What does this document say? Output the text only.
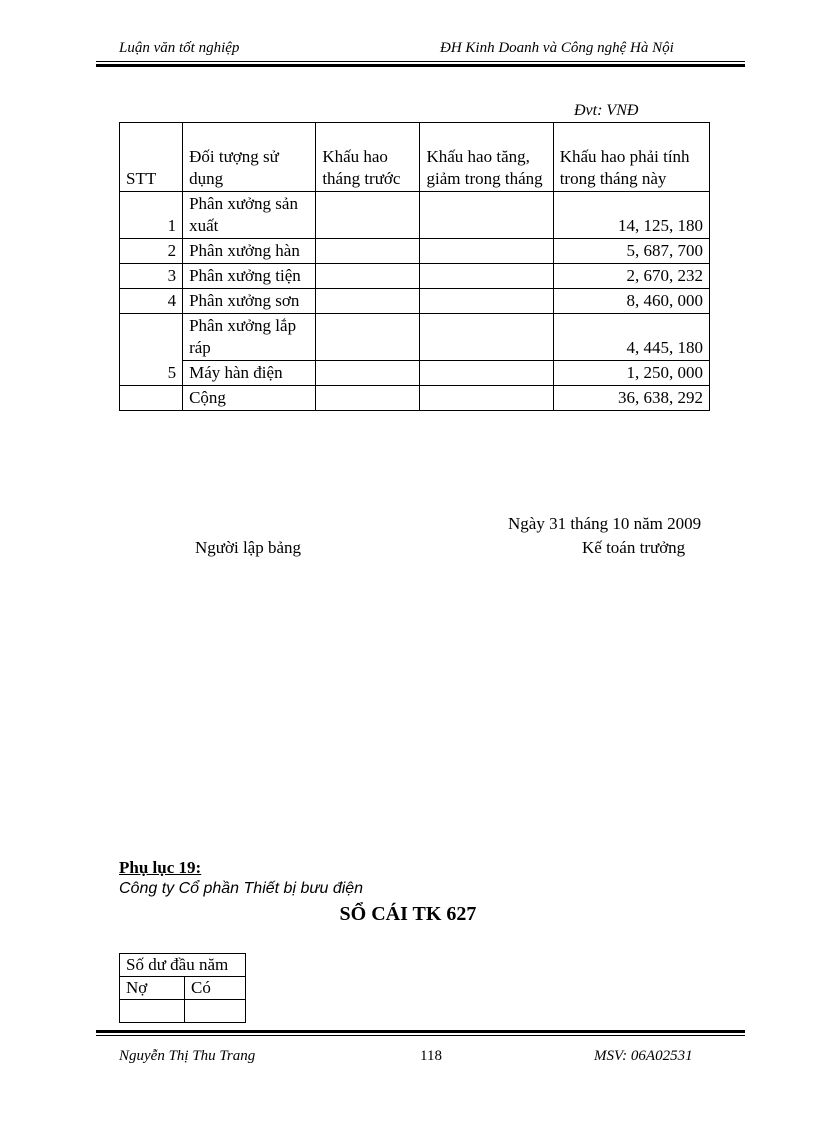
Luận văn tốt nghiệp	ĐH Kinh Doanh và Công nghệ Hà Nội
Đvt: VNĐ
STT	Đối tượng sử dụng	Khấu hao tháng trước	Khấu hao tăng, giảm trong tháng	Khấu hao phải tính trong tháng này
1	Phân xưởng sản xuất			14, 125, 180
2	Phân xưởng hàn			5, 687, 700
3	Phân xưởng tiện			2, 670, 232
4	Phân xưởng sơn			8, 460, 000
5	Phân xưởng lắp ráp			4, 445, 180
	Máy hàn điện			1, 250, 000
	Cộng			36, 638, 292
Ngày 31 tháng 10 năm 2009
Người lập bảng	Kế toán trưởng
Phụ lục 19:
Công ty Cổ phần Thiết bị bưu điện
SỔ CÁI TK 627
Số dư đầu năm	
Nợ	Có

Nguyễn Thị Thu Trang	118	MSV: 06A02531
